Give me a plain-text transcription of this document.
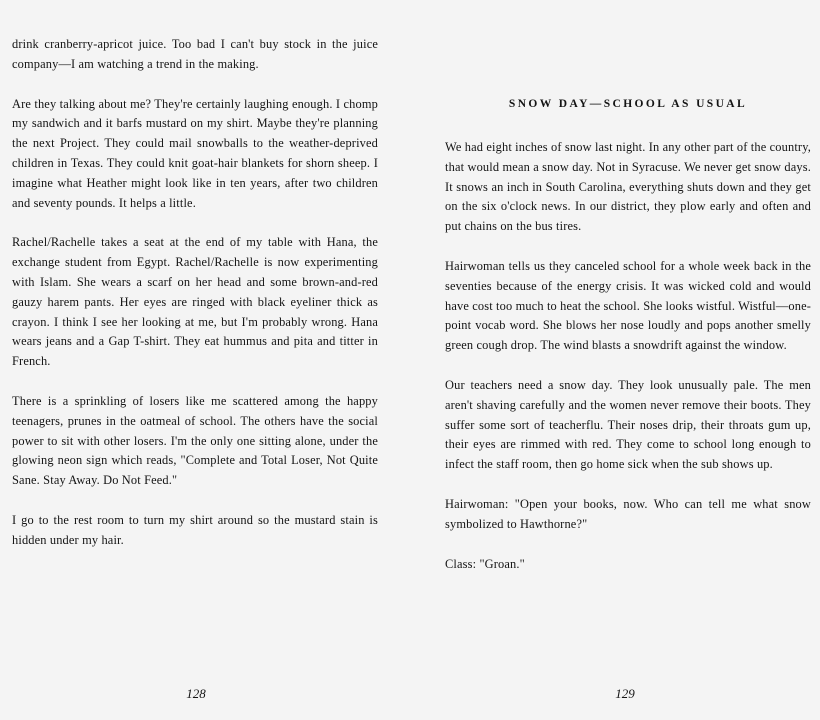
drink cranberry-apricot juice. Too bad I can't buy stock in the juice company—I am watching a trend in the making.

Are they talking about me? They're certainly laughing enough. I chomp my sandwich and it barfs mustard on my shirt. Maybe they're planning the next Project. They could mail snowballs to the weather-deprived children in Texas. They could knit goat-hair blankets for shorn sheep. I imagine what Heather might look like in ten years, after two children and seventy pounds. It helps a little.

Rachel/Rachelle takes a seat at the end of my table with Hana, the exchange student from Egypt. Rachel/Rachelle is now experimenting with Islam. She wears a scarf on her head and some brown-and-red gauzy harem pants. Her eyes are ringed with black eyeliner thick as crayon. I think I see her looking at me, but I'm probably wrong. Hana wears jeans and a Gap T-shirt. They eat hummus and pita and titter in French.

There is a sprinkling of losers like me scattered among the happy teenagers, prunes in the oatmeal of school. The others have the social power to sit with other losers. I'm the only one sitting alone, under the glowing neon sign which reads, "Complete and Total Loser, Not Quite Sane. Stay Away. Do Not Feed."

I go to the rest room to turn my shirt around so the mustard stain is hidden under my hair.

128
SNOW DAY—SCHOOL AS USUAL

We had eight inches of snow last night. In any other part of the country, that would mean a snow day. Not in Syracuse. We never get snow days. It snows an inch in South Carolina, everything shuts down and they get on the six o'clock news. In our district, they plow early and often and put chains on the bus tires.

Hairwoman tells us they canceled school for a whole week back in the seventies because of the energy crisis. It was wicked cold and would have cost too much to heat the school. She looks wistful. Wistful—one-point vocab word. She blows her nose loudly and pops another smelly green cough drop. The wind blasts a snowdrift against the window.

Our teachers need a snow day. They look unusually pale. The men aren't shaving carefully and the women never remove their boots. They suffer some sort of teacherflu. Their noses drip, their throats gum up, their eyes are rimmed with red. They come to school long enough to infect the staff room, then go home sick when the sub shows up.

Hairwoman: "Open your books, now. Who can tell me what snow symbolized to Hawthorne?"

Class: "Groan."

129
